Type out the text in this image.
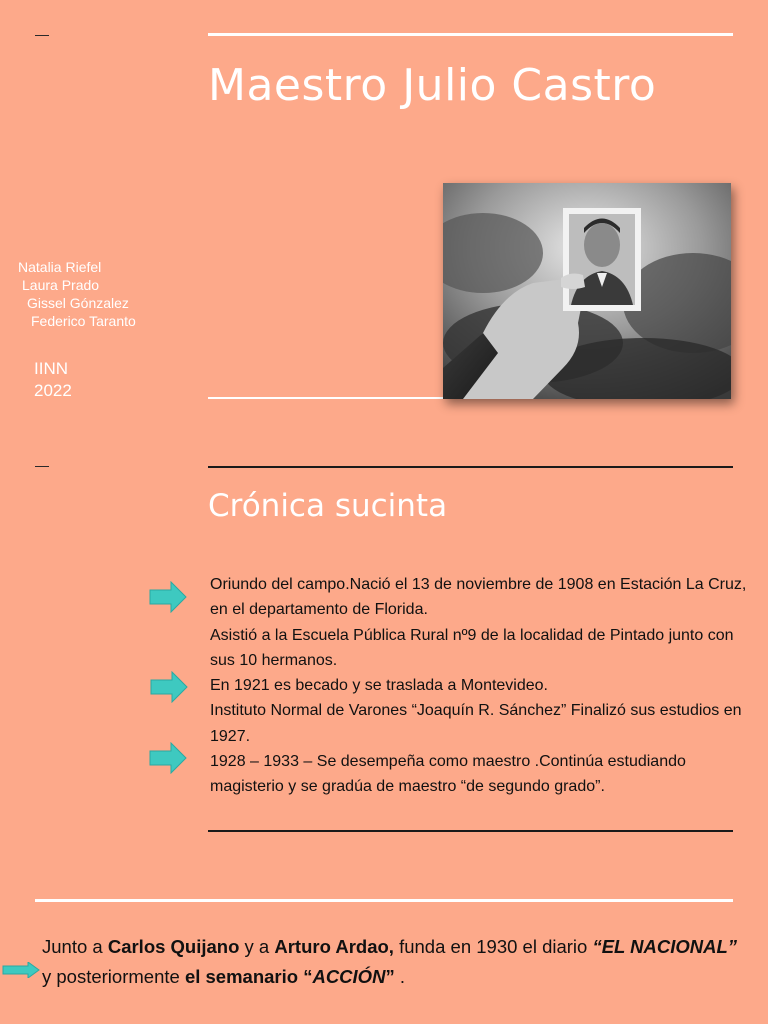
Maestro Julio Castro
Natalia Riefel
Laura Prado
Gissel Gónzalez
Federico Taranto
IINN
2022
Crónica sucinta

Oriundo del campo.Nació el 13 de noviembre de 1908 en Estación La Cruz, en el departamento de Florida.

Asistió a la Escuela Pública Rural nº9 de la localidad de Pintado junto con sus 10 hermanos.

En 1921 es becado y se traslada a Montevideo.

Instituto Normal de Varones “Joaquín R. Sánchez” Finalizó sus estudios en 1927.

1928 – 1933 – Se desempeña como maestro .Continúa estudiando magisterio y se gradúa de maestro “de segundo grado”.

Junto a Carlos Quijano y a Arturo Ardao, funda en 1930 el diario “EL NACIONAL” y posteriormente el semanario “ACCIÓN” .
